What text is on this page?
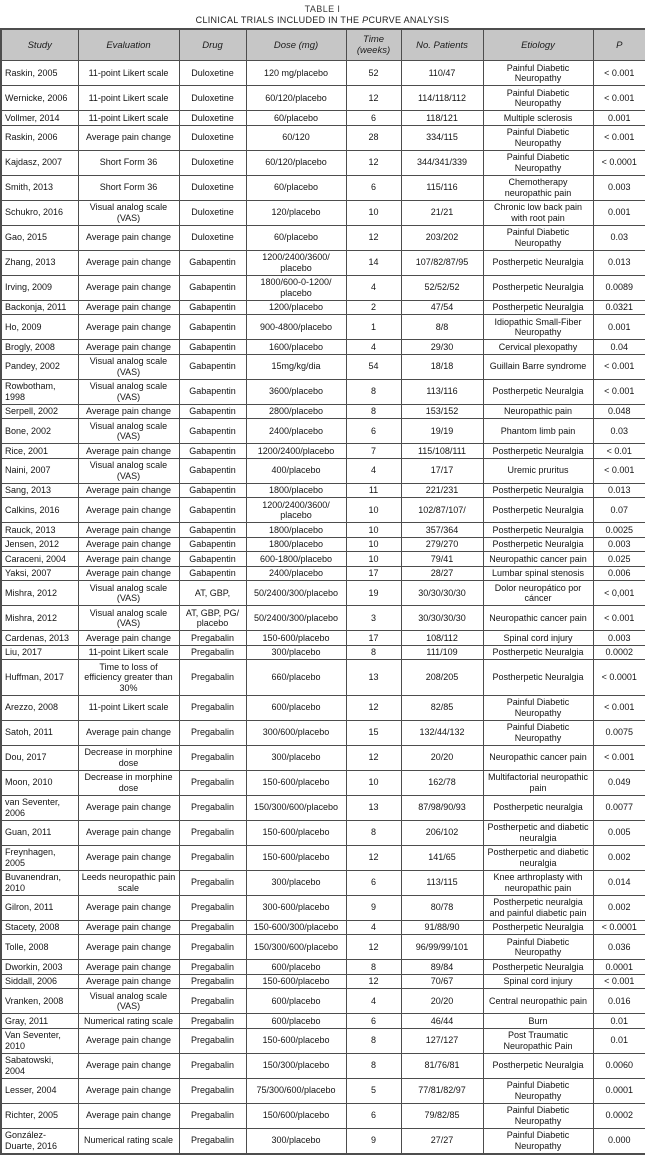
TABLE I
CLINICAL TRIALS INCLUDED IN THE PCURVE ANALYSIS
Study	Evaluation	Drug	Dose (mg)	Time (weeks)	No. Patients	Etiology	P
Raskin, 2005	11-point Likert scale	Duloxetine	120 mg/​placebo	52	110/​47	Painful Diabetic Neuropathy	< 0.001
Wernicke, 2006	11-point Likert scale	Duloxetine	60/​120/​placebo	12	114/​118/​112	Painful Diabetic Neuropathy	< 0.001
Vollmer, 2014	11-point Likert scale	Duloxetine	60/​placebo	6	118/​121	Multiple sclerosis	0.001
Raskin, 2006	Average pain change	Duloxetine	60/​120	28	334/​115	Painful Diabetic Neuropathy	< 0.001
Kajdasz, 2007	Short Form 36	Duloxetine	60/​120/​placebo	12	344/​341/​339	Painful Diabetic Neuropathy	< 0.0001
Smith, 2013	Short Form 36	Duloxetine	60/​placebo	6	115/​116	Chemotherapy neuropathic pain	0.003
Schukro, 2016	Visual analog scale (VAS)	Duloxetine	120/​placebo	10	21/​21	Chronic low back pain with root pain	0.001
Gao, 2015	Average pain change	Duloxetine	60/​placebo	12	203/​202	Painful Diabetic Neuropathy	0.03
Zhang, 2013	Average pain change	Gabapentin	1200/​2400/​3600/​placebo	14	107/​82/​87/​95	Postherpetic Neuralgia	0.013
Irving, 2009	Average pain change	Gabapentin	1800/​600-0-1200/​placebo	4	52/​52/​52	Postherpetic Neuralgia	0.0089
Backonja, 2011	Average pain change	Gabapentin	1200/​placebo	2	47/​54	Postherpetic Neuralgia	0.0321
Ho, 2009	Average pain change	Gabapentin	900-4800/​placebo	1	8/​8	Idiopathic Small-Fiber Neuropathy	0.001
Brogly, 2008	Average pain change	Gabapentin	1600/​placebo	4	29/​30	Cervical plexopathy	0.04
Pandey, 2002	Visual analog scale (VAS)	Gabapentin	15mg/​kg/​dia	54	18/​18	Guillain Barre syndrome	< 0.001
Rowbotham, 1998	Visual analog scale (VAS)	Gabapentin	3600/​placebo	8	113/​116	Postherpetic Neuralgia	< 0.001
Serpell, 2002	Average pain change	Gabapentin	2800/​placebo	8	153/​152	Neuropathic pain	0.048
Bone, 2002	Visual analog scale (VAS)	Gabapentin	2400/​placebo	6	19/​19	Phantom limb pain	0.03
Rice, 2001	Average pain change	Gabapentin	1200/​2400/​placebo	7	115/​108/​111	Postherpetic Neuralgia	< 0.01
Naini, 2007	Visual analog scale (VAS)	Gabapentin	400/​placebo	4	17/​17	Uremic pruritus	< 0.001
Sang, 2013	Average pain change	Gabapentin	1800/​placebo	11	221/​231	Postherpetic Neuralgia	0.013
Calkins, 2016	Average pain change	Gabapentin	1200/​2400/​3600/​placebo	10	102/​87/​107/​	Postherpetic Neuralgia	0.07
Rauck, 2013	Average pain change	Gabapentin	1800/​placebo	10	357/​364	Postherpetic Neuralgia	0.0025
Jensen, 2012	Average pain change	Gabapentin	1800/​placebo	10	279/​270	Postherpetic Neuralgia	0.003
Caraceni, 2004	Average pain change	Gabapentin	600-1800/​placebo	10	79/​41	Neuropathic cancer pain	0.025
Yaksi, 2007	Average pain change	Gabapentin	2400/​placebo	17	28/​27	Lumbar spinal stenosis	0.006
Mishra, 2012	Visual analog scale (VAS)	AT, GBP,	50/​2400/​300/​placebo	19	30/​30/​30/​30	Dolor neuropático por cáncer	< 0,001
Mishra, 2012	Visual analog scale (VAS)	AT, GBP, PG/​placebo	50/​2400/​300/​placebo	3	30/​30/​30/​30	Neuropathic cancer pain	< 0.001
Cardenas, 2013	Average pain change	Pregabalin	150-600/​placebo	17	108/​112	Spinal cord injury	0.003
Liu, 2017	11-point Likert scale	Pregabalin	300/​placebo	8	111/​109	Postherpetic Neuralgia	0.0002
Huffman, 2017	Time to loss of efficiency greater than 30%	Pregabalin	660/​placebo	13	208/​205	Postherpetic Neuralgia	< 0.0001
Arezzo, 2008	11-point Likert scale	Pregabalin	600/​placebo	12	82/​85	Painful Diabetic Neuropathy	< 0.001
Satoh, 2011	Average pain change	Pregabalin	300/​600/​placebo	15	132/​44/​132	Painful Diabetic Neuropathy	0.0075
Dou, 2017	Decrease in morphine dose	Pregabalin	300/​placebo	12	20/​20	Neuropathic cancer pain	< 0.001
Moon, 2010	Decrease in morphine dose	Pregabalin	150-600/​placebo	10	162/​78	Multifactorial neuropathic pain	0.049
van Seventer, 2006	Average pain change	Pregabalin	150/​300/​600/​placebo	13	87/​98/​90/​93	Postherpetic neuralgia	0.0077
Guan, 2011	Average pain change	Pregabalin	150-600/​placebo	8	206/​102	Postherpetic and diabetic neuralgia	0.005
Freynhagen, 2005	Average pain change	Pregabalin	150-600/​placebo	12	141/​65	Postherpetic and diabetic neuralgia	0.002
Buvanendran, 2010	Leeds neuropathic pain scale	Pregabalin	300/​placebo	6	113/​115	Knee arthroplasty with neuropathic pain	0.014
Gilron, 2011	Average pain change	Pregabalin	300-600/​placebo	9	80/​78	Postherpetic neuralgia and painful diabetic pain	0.002
Stacety, 2008	Average pain change	Pregabalin	150-600/​300/​placebo	4	91/​88/​90	Postherpetic Neuralgia	< 0.0001
Tolle, 2008	Average pain change	Pregabalin	150/​300/​600/​placebo	12	96/​99/​99/​101	Painful Diabetic Neuropathy	0.036
Dworkin, 2003	Average pain change	Pregabalin	600/​placebo	8	89/​84	Postherpetic Neuralgia	0.0001
Siddall, 2006	Average pain change	Pregabalin	150-600/​placebo	12	70/​67	Spinal cord injury	< 0.001
Vranken, 2008	Visual analog scale (VAS)	Pregabalin	600/​placebo	4	20/​20	Central neuropathic pain	0.016
Gray, 2011	Numerical rating scale	Pregabalin	600/​placebo	6	46/​44	Burn	0.01
Van Seventer, 2010	Average pain change	Pregabalin	150-600/​placebo	8	127/​127	Post Traumatic Neuropathic Pain	0.01
Sabatowski, 2004	Average pain change	Pregabalin	150/​300/​placebo	8	81/​76/​81	Postherpetic Neuralgia	0.0060
Lesser, 2004	Average pain change	Pregabalin	75/​300/​600/​placebo	5	77/​81/​82/​97	Painful Diabetic Neuropathy	0.0001
Richter, 2005	Average pain change	Pregabalin	150/​600/​placebo	6	79/​82/​85	Painful Diabetic Neuropathy	0.0002
González-Duarte, 2016	Numerical rating scale	Pregabalin	300/​placebo	9	27/​27	Painful Diabetic Neuropathy	0.000
